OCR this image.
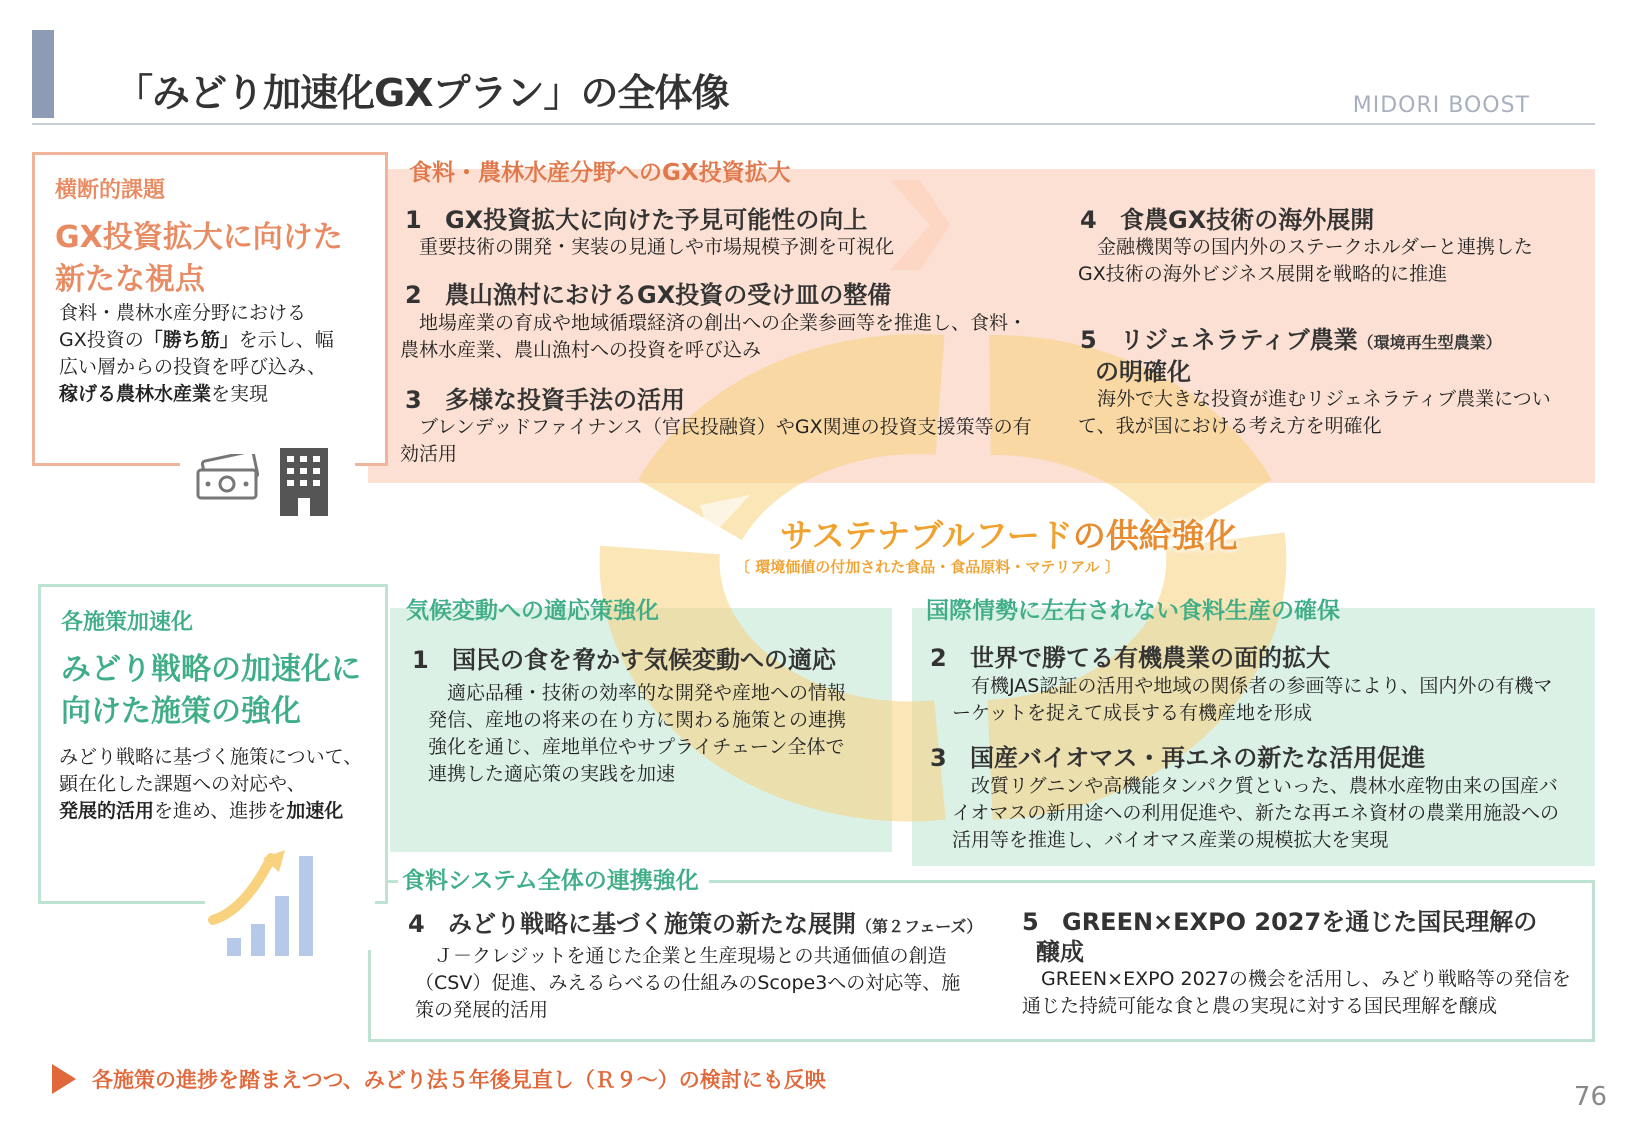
「みどり加速化GXプラン」の全体像	MIDORI BOOST
食料・農林水産分野へのGX投資拡大
気候変動への適応策強化	国際情勢に左右されない食料生産の確保
食料システム全体の連携強化
1 GX投資拡大に向けた予見可能性の向上
　重要技術の開発・実装の見通しや市場規模予測を可視化
2 農山漁村におけるGX投資の受け皿の整備
　地場産業の育成や地域循環経済の創出への企業参画等を推進し、食料・農林水産業、農山漁村への投資を呼び込み
3 多様な投資手法の活用
　ブレンデッドファイナンス（官民投融資）やGX関連の投資支援策等の有効活用
4 食農GX技術の海外展開
　金融機関等の国内外のステークホルダーと連携したGX技術の海外ビジネス展開を戦略的に推進
5 リジェネラティブ農業（環境再生型農業）
の明確化
　海外で大きな投資が進むリジェネラティブ農業について、我が国における考え方を明確化
サステナブルフードの供給強化
〔 環境価値の付加された食品・食品原料・マテリアル 〕
1 国民の食を脅かす気候変動への適応
　適応品種・技術の効率的な開発や産地への情報発信、産地の将来の在り方に関わる施策との連携強化を通じ、産地単位やサプライチェーン全体で連携した適応策の実践を加速
2 世界で勝てる有機農業の面的拡大
　有機JAS認証の活用や地域の関係者の参画等により、国内外の有機マーケットを捉えて成長する有機産地を形成
3 国産バイオマス・再エネの新たな活用促進
　改質リグニンや高機能タンパク質といった、農林水産物由来の国産バイオマスの新用途への利用促進や、新たな再エネ資材の農業用施設への活用等を推進し、バイオマス産業の規模拡大を実現
4 みどり戦略に基づく施策の新たな展開（第２フェーズ）
　Ｊ－クレジットを通じた企業と生産現場との共通価値の創造（CSV）促進、みえるらべるの仕組みのScope3への対応等、施策の発展的活用
5 GREEN×EXPO 2027を通じた国民理解の
醸成
　GREEN×EXPO 2027の機会を活用し、みどり戦略等の発信を通じた持続可能な食と農の実現に対する国民理解を醸成
横断的課題
GX投資拡大に向けた
新たな視点
食料・農林水産分野における
GX投資の「勝ち筋」を示し、幅
広い層からの投資を呼び込み、
稼げる農林水産業を実現
各施策加速化
みどり戦略の加速化に
向けた施策の強化
みどり戦略に基づく施策について、
顕在化した課題への対応や、
発展的活用を進め、進捗を加速化
各施策の進捗を踏まえつつ、みどり法５年後見直し（Ｒ９～）の検討にも反映
76
